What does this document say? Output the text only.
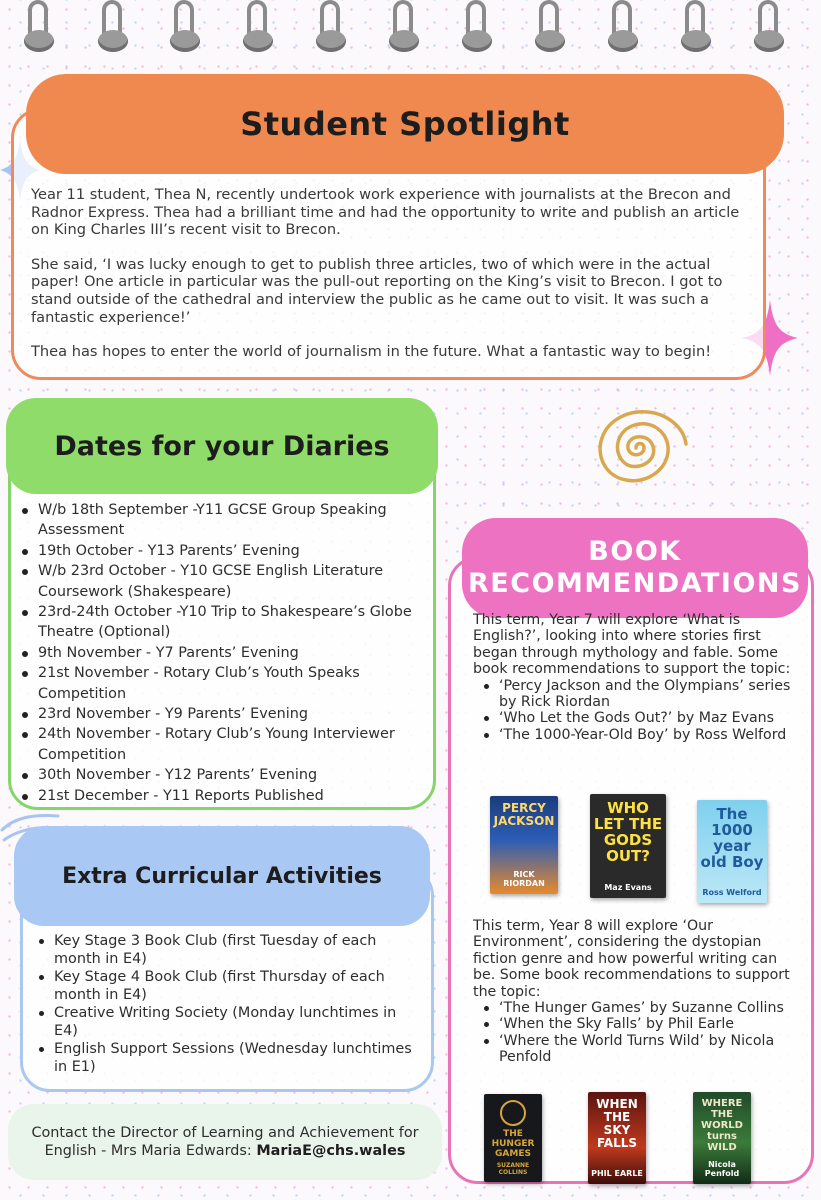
Student Spotlight

Year 11 student, Thea N, recently undertook work experience with journalists at the Brecon and Radnor Express. Thea had a brilliant time and had the opportunity to write and publish an article on King Charles III’s recent visit to Brecon.

She said, ‘I was lucky enough to get to publish three articles, two of which were in the actual paper! One article in particular was the pull-out reporting on the King’s visit to Brecon. I got to stand outside of the cathedral and interview the public as he came out to visit. It was such a fantastic experience!’

Thea has hopes to enter the world of journalism in the future. What a fantastic way to begin!

Dates for your Diaries
W/b 18th September -Y11 GCSE Group Speaking Assessment
19th October - Y13 Parents’ Evening
W/b 23rd October - Y10 GCSE English Literature Coursework (Shakespeare)
23rd-24th October -Y10 Trip to Shakespeare’s Globe Theatre (Optional)
9th November - Y7 Parents’ Evening
21st November - Rotary Club’s Youth Speaks Competition
23rd November - Y9 Parents’ Evening
24th November - Rotary Club’s Young Interviewer Competition
30th November - Y12 Parents’ Evening
21st December - Y11 Reports Published
Extra Curricular Activities
Key Stage 3 Book Club (first Tuesday of each month in E4)
Key Stage 4 Book Club (first Thursday of each month in E4)
Creative Writing Society (Monday lunchtimes in E4)
English Support Sessions (Wednesday lunchtimes in E1)

Contact the Director of Learning and Achievement for English - Mrs Maria Edwards: MariaE@chs.wales

BOOK
RECOMMENDATIONS

This term, Year 7 will explore ‘What is English?’, looking into where stories first began through mythology and fable. Some book recommendations to support the topic:

‘Percy Jackson and the Olympians’ series by Rick Riordan
‘Who Let the Gods Out?’ by Maz Evans
‘The 1000-Year-Old Boy’ by Ross Welford
PERCY JACKSON
RICK RIORDAN
WHO LET THE GODS OUT?
Maz Evans
The 1000 year old Boy
Ross Welford

This term, Year 8 will explore ‘Our Environment’, considering the dystopian fiction genre and how powerful writing can be. Some book recommendations to support the topic:

‘The Hunger Games’ by Suzanne Collins
‘When the Sky Falls’ by Phil Earle
‘Where the World Turns Wild’ by Nicola Penfold
THE HUNGER GAMES
SUZANNE COLLINS
WHEN THE SKY FALLS
PHIL EARLE
WHERE THE WORLD turns WILD
Nicola Penfold
